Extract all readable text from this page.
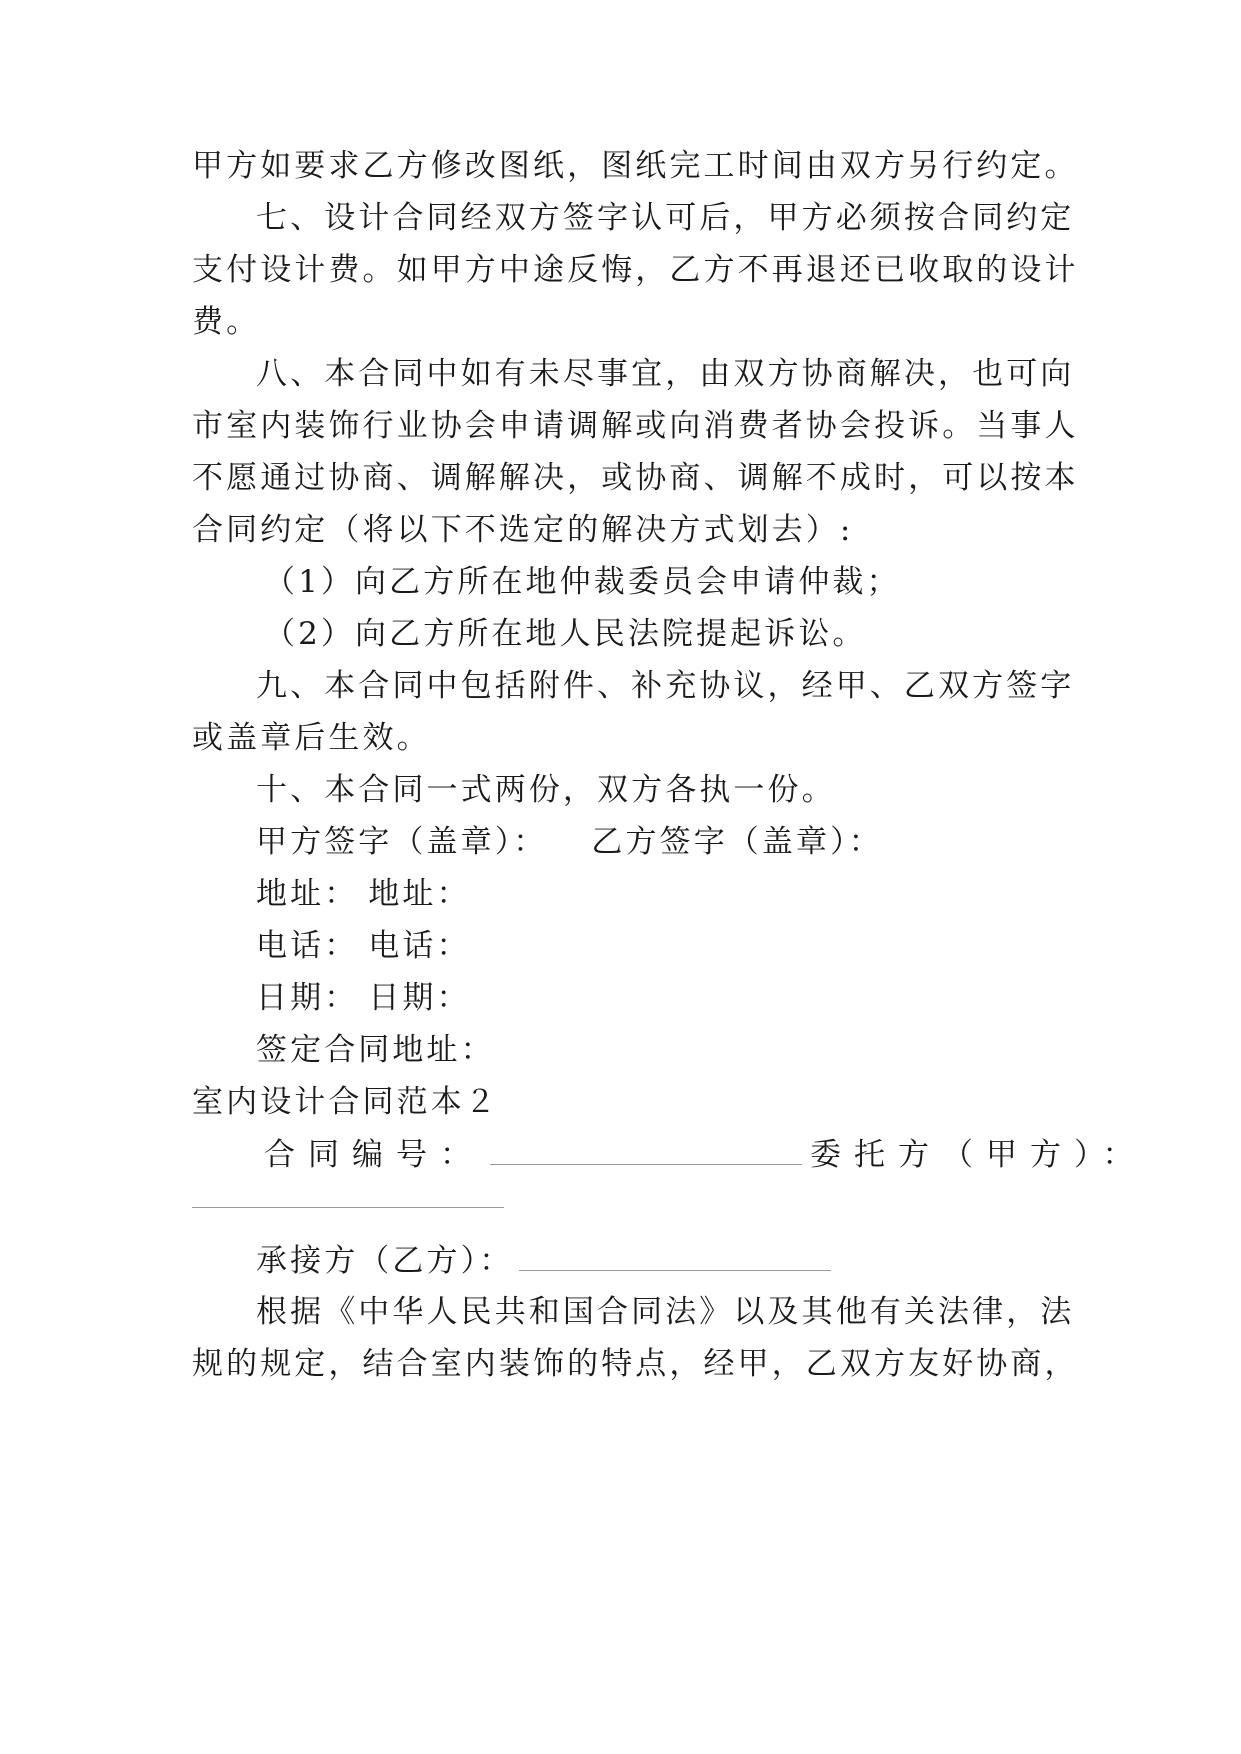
甲方如要求乙方修改图纸，图纸完工时间由双方另行约定。
七、设计合同经双方签字认可后，甲方必须按合同约定
支付设计费。如甲方中途反悔，乙方不再退还已收取的设计
费。
八、本合同中如有未尽事宜，由双方协商解决，也可向
市室内装饰行业协会申请调解或向消费者协会投诉。当事人
不愿通过协商、调解解决，或协商、调解不成时，可以按本
合同约定（将以下不选定的解决方式划去）:
（1）向乙方所在地仲裁委员会申请仲裁；
（2）向乙方所在地人民法院提起诉讼。
九、本合同中包括附件、补充协议，经甲、乙双方签字
或盖章后生效。
十、本合同一式两份，双方各执一份。
甲方签字（盖章）： 乙方签字（盖章）：
地址： 地址：
电话： 电话：
日期： 日期：
签定合同地址：
室内设计合同范本２
合同编号：	委托方（甲方）：
承接方（乙方）：
根据《中华人民共和国合同法》以及其他有关法律，法
规的规定，结合室内装饰的特点，经甲，乙双方友好协商，
